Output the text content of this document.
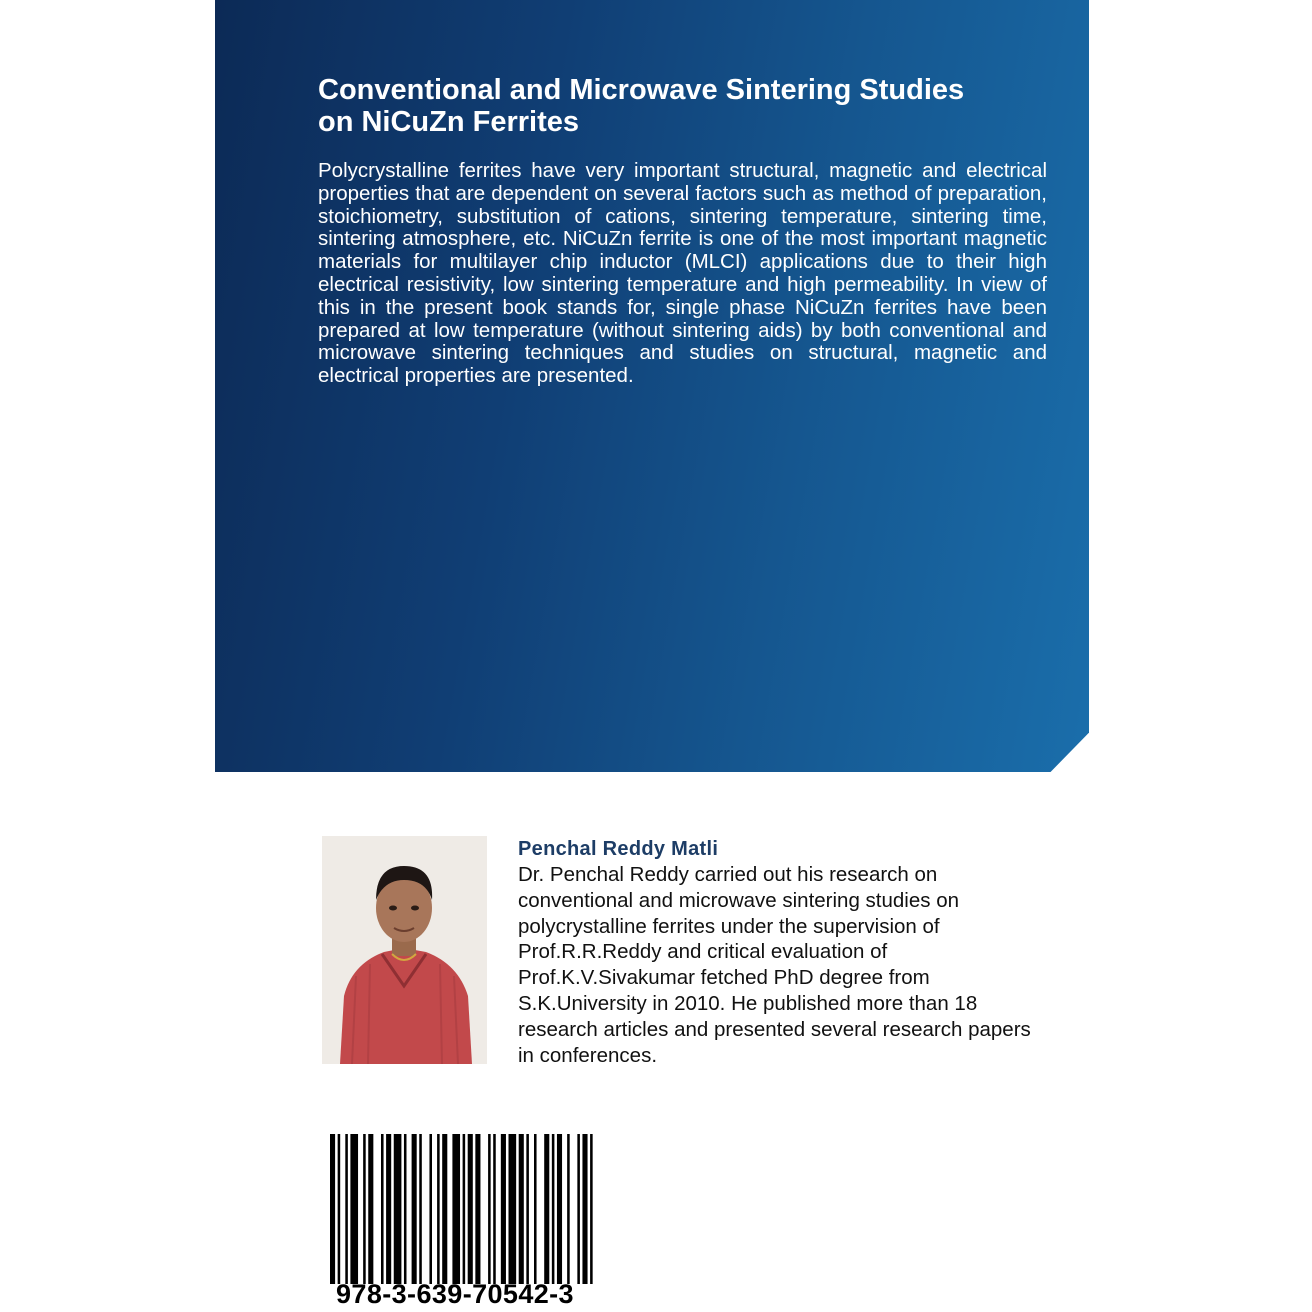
Conventional and Microwave Sintering Studies
on NiCuZn Ferrites

Polycrystalline ferrites have very important structural, magnetic and electrical properties that are dependent on several factors such as method of preparation, stoichiometry, substitution of cations, sintering temperature, sintering time, sintering atmosphere, etc. NiCuZn ferrite is one of the most important magnetic materials for multilayer chip inductor (MLCI) applications due to their high electrical resistivity, low sintering temperature and high permeability. In view of this in the present book stands for, single phase NiCuZn ferrites have been prepared at low temperature (without sintering aids) by both conventional and microwave sintering techniques and studies on structural, magnetic and electrical properties are presented.

Penchal Reddy Matli

Dr. Penchal Reddy carried out his research on conventional and microwave sintering studies on polycrystalline ferrites under the supervision of Prof.R.R.Reddy and critical evaluation of Prof.K.V.Sivakumar fetched PhD degree from S.K.University in 2010. He published more than 18 research articles and presented several research papers in conferences.

978-3-639-70542-3
